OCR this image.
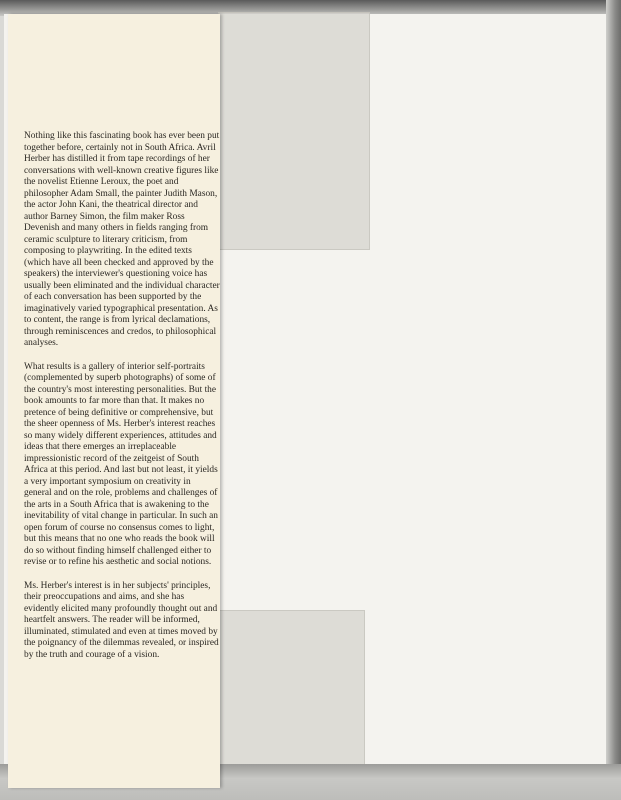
Nothing like this fascinating book has ever been put together before, certainly not in South Africa. Avril Herber has distilled it from tape recordings of her conversations with well-known creative figures like the novelist Etienne Leroux, the poet and philosopher Adam Small, the painter Judith Mason, the actor John Kani, the theatrical director and author Barney Simon, the film maker Ross Devenish and many others in fields ranging from ceramic sculpture to literary criticism, from composing to playwriting. In the edited texts (which have all been checked and approved by the speakers) the interviewer's questioning voice has usually been eliminated and the individual character of each conversation has been supported by the imaginatively varied typographical presentation. As to content, the range is from lyrical declamations, through reminiscences and credos, to philosophical analyses.

What results is a gallery of interior self-portraits (complemented by superb photographs) of some of the country's most interesting personalities. But the book amounts to far more than that. It makes no pretence of being definitive or comprehensive, but the sheer openness of Ms. Herber's interest reaches so many widely different experiences, attitudes and ideas that there emerges an irreplaceable impressionistic record of the zeitgeist of South Africa at this period. And last but not least, it yields a very important symposium on creativity in general and on the role, problems and challenges of the arts in a South Africa that is awakening to the inevitability of vital change in particular. In such an open forum of course no consensus comes to light, but this means that no one who reads the book will do so without finding himself challenged either to revise or to refine his aesthetic and social notions.

Ms. Herber's interest is in her subjects' principles, their preoccupations and aims, and she has evidently elicited many profoundly thought out and heartfelt answers. The reader will be informed, illuminated, stimulated and even at times moved by the poignancy of the dilemmas revealed, or inspired by the truth and courage of a vision.
